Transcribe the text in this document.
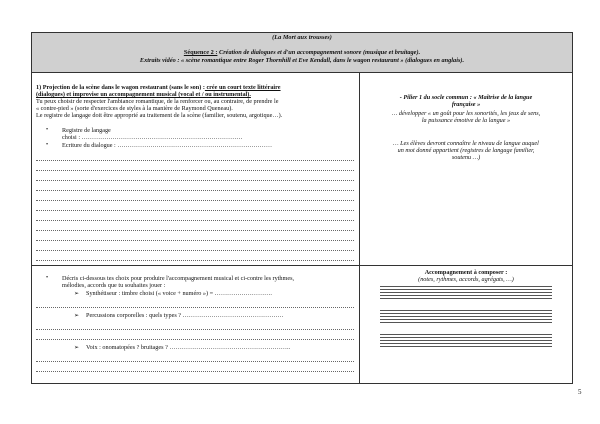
(La Mort aux trousses)
Séquence 2 : Création de dialogues et d'un accompagnement sonore (musique et bruitage).
Extraits vidéo : « scène romantique entre Roger Thornhill et Eve Kendall, dans le wagon restaurant » (dialogues en anglais).
1) Projection de la scène dans le wagon restaurant (sans le son) : crée un court texte littéraire
(dialogues) et improvise un accompagnement musical (vocal et / ou instrumental).
Tu peux choisir de respecter l'ambiance romantique, de la renforcer ou, au contraire, de prendre le
« contre-pied » (sorte d'exercices de styles à la manière de Raymond Queneau).
Le registre de langage doit être approprié au traitement de la scène (familier, soutenu, argotique…).
• Registre de langage
choisi : ……………………………………………………………………
• Ecriture du dialogue : …………………………………………………………………
• Décris ci-dessous tes choix pour produire l'accompagnement musical et ci-contre les rythmes,
mélodies, accords que tu souhaites jouer :
➢ Synthétiseur : timbre choisi (« voice + numéro ») = ……………………….
➢ Percussions corporelles : quels types ? ………………………………………….
➢ Voix : onomatopées ? bruitages ? …………………………………………………..
- Pilier 1 du socle commun : « Maîtrise de la langue
française »
… développer « un goût pour les sonorités, les jeux de sens,
la puissance émotive de la langue »
… Les élèves devront connaître le niveau de langue auquel
un mot donné appartient (registres de langage familier,
soutenu …)
Accompagnement à composer :
(notes, rythmes, accords, agrégats, …)
5
